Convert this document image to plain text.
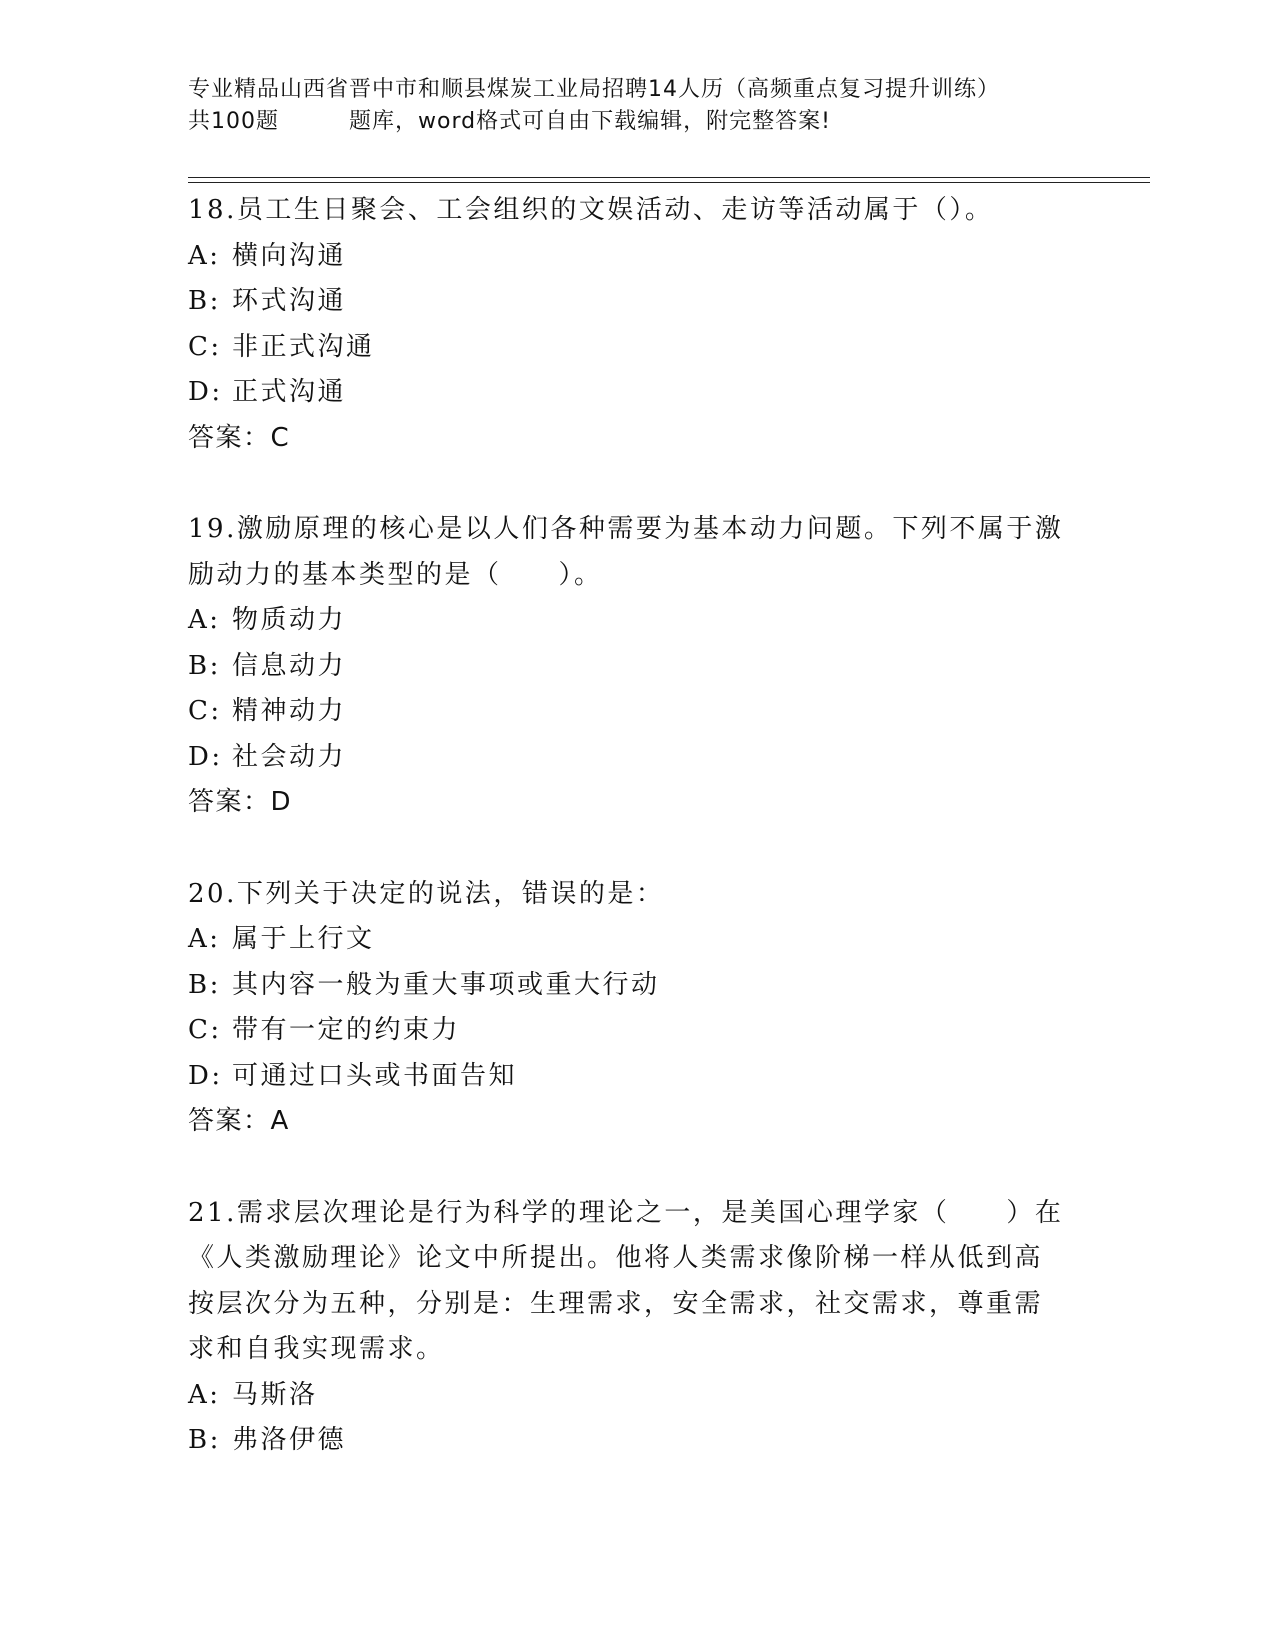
专业精品山西省晋中市和顺县煤炭工业局招聘14人历（高频重点复习提升训练）
共100题	题库，word格式可自由下载编辑，附完整答案!
18.员工生日聚会、工会组织的文娱活动、走访等活动属于（）。
A: 横向沟通
B: 环式沟通
C: 非正式沟通
D: 正式沟通
答案：C
19.激励原理的核心是以人们各种需要为基本动力问题。下列不属于激励动力的基本类型的是（　　）。
A: 物质动力
B: 信息动力
C: 精神动力
D: 社会动力
答案：D
20.下列关于决定的说法，错误的是：
A: 属于上行文
B: 其内容一般为重大事项或重大行动
C: 带有一定的约束力
D: 可通过口头或书面告知
答案：A
21.需求层次理论是行为科学的理论之一，是美国心理学家（　　）在《人类激励理论》论文中所提出。他将人类需求像阶梯一样从低到高按层次分为五种，分别是：生理需求，安全需求，社交需求，尊重需求和自我实现需求。
A: 马斯洛
B: 弗洛伊德
